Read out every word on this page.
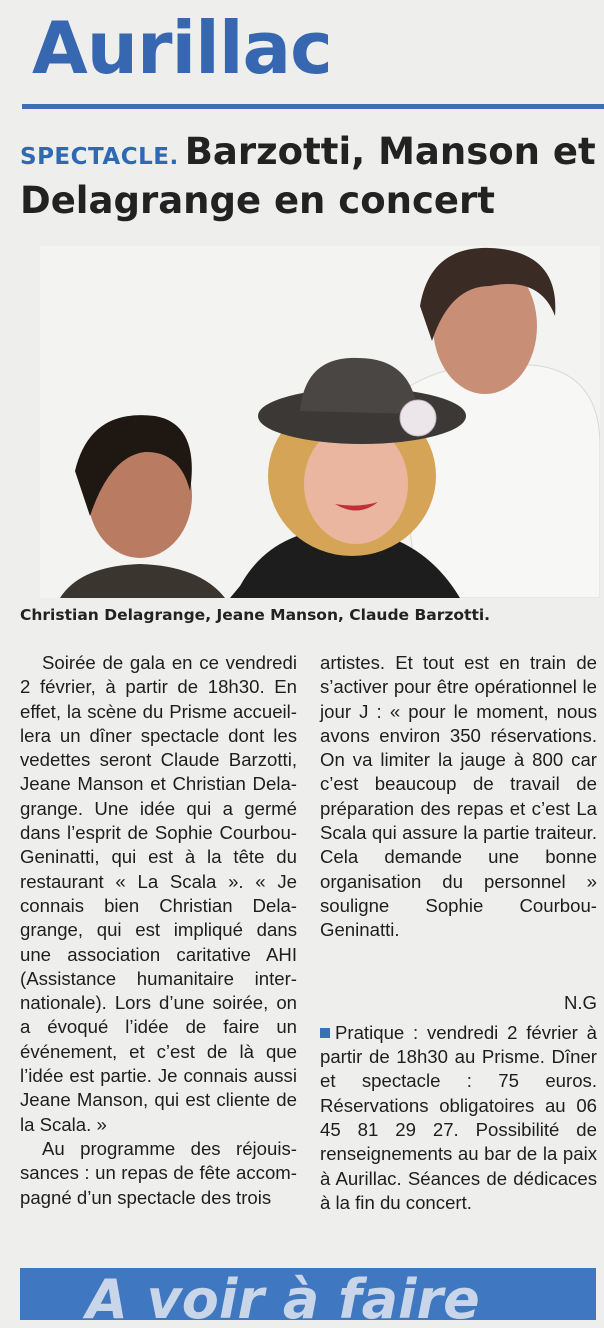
Aurillac
SPECTACLE. Barzotti, Manson et Delagrange en concert
Christian Delagrange, Jeane Manson, Claude Barzotti.

Soirée de gala en ce vendredi 2 février, à partir de 18h30. En effet, la scène du Prisme accueillera un dîner spectacle dont les vedettes seront Claude Barzotti, Jeane Manson et Christian Delagrange. Une idée qui a germé dans l’esprit de Sophie Courbou-Geninatti, qui est à la tête du restaurant « La Scala ». « Je connais bien Christian Delagrange, qui est impliqué dans une association caritative AHI (Assistance humanitaire internationale). Lors d’une soirée, on a évoqué l’idée de faire un événement, et c’est de là que l’idée est partie. Je connais aussi Jeane Manson, qui est cliente de la Scala. »

Au programme des réjouissances : un repas de fête accompagné d’un spectacle des trois

artistes. Et tout est en train de s’activer pour être opérationnel le jour J : « pour le moment, nous avons environ 350 réservations. On va limiter la jauge à 800 car c’est beaucoup de travail de préparation des repas et c’est La Scala qui assure la partie traiteur. Cela demande une bonne organisation du personnel » souligne Sophie Courbou-Geninatti.

N.G

Pratique : vendredi 2 février à partir de 18h30 au Prisme. Dîner et spectacle : 75 euros. Réservations obligatoires au 06 45 81 29 27. Possibilité de renseignements au bar de la paix à Aurillac. Séances de dédicaces à la fin du concert.

A voir à faire
